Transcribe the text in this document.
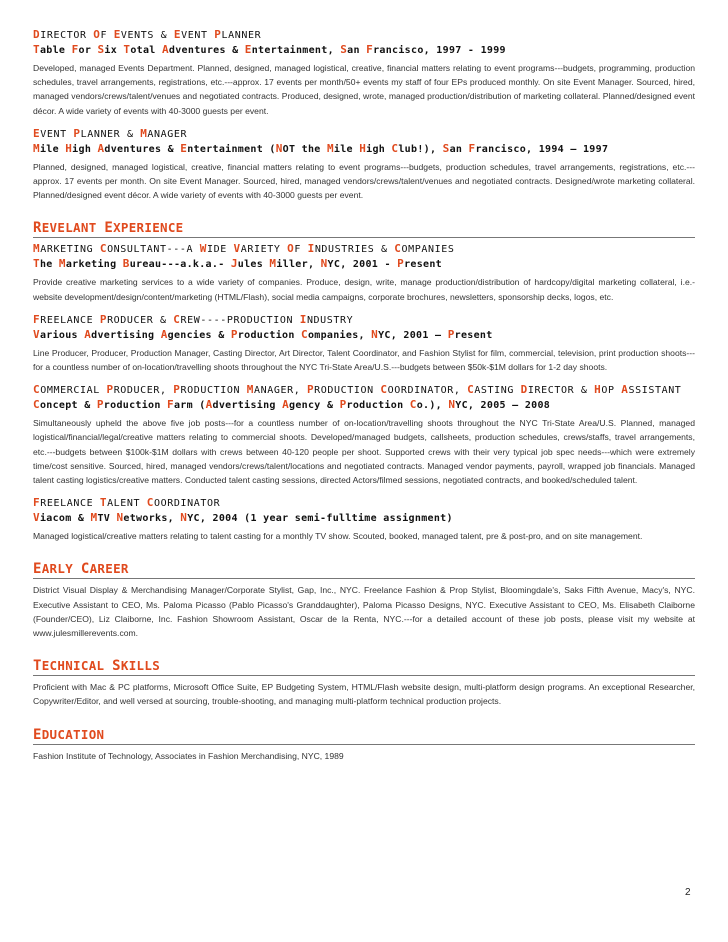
DIRECTOR OF EVENTS & EVENT PLANNER
Table For Six Total Adventures & Entertainment, San Francisco, 1997 - 1999

Developed, managed Events Department. Planned, designed, managed logistical, creative, financial matters relating to event programs---budgets, programming, production schedules, travel arrangements, registrations, etc.---approx. 17 events per month/50+ events my staff of four EPs produced monthly. On site Event Manager. Sourced, hired, managed vendors/crews/talent/venues and negotiated contracts. Produced, designed, wrote, managed production/distribution of marketing collateral. Planned/designed event décor. A wide variety of events with 40-3000 guests per event.

EVENT PLANNER & MANAGER
Mile High Adventures & Entertainment (NOT the Mile High Club!), San Francisco, 1994 – 1997

Planned, designed, managed logistical, creative, financial matters relating to event programs---budgets, production schedules, travel arrangements, registrations, etc.---approx. 17 events per month. On site Event Manager. Sourced, hired, managed vendors/crews/talent/venues and negotiated contracts. Designed/wrote marketing collateral. Planned/designed event décor. A wide variety of events with 40-3000 guests per event.

REVELANT EXPERIENCE
MARKETING CONSULTANT---A WIDE VARIETY OF INDUSTRIES & COMPANIES
The Marketing Bureau---a.k.a.- Jules Miller, NYC, 2001 - Present

Provide creative marketing services to a wide variety of companies. Produce, design, write, manage production/distribution of hardcopy/digital marketing collateral, i.e.- website development/design/content/marketing (HTML/Flash), social media campaigns, corporate brochures, newsletters, sponsorship decks, logos, etc.

FREELANCE PRODUCER & CREW----PRODUCTION INDUSTRY
Various Advertising Agencies & Production Companies, NYC, 2001 – Present

Line Producer, Producer, Production Manager, Casting Director, Art Director, Talent Coordinator, and Fashion Stylist for film, commercial, television, print production shoots---for a countless number of on-location/travelling shoots throughout the NYC Tri-State Area/U.S.---budgets between $50k-$1M dollars for 1-2 day shoots.

COMMERCIAL PRODUCER, PRODUCTION MANAGER, PRODUCTION COORDINATOR, CASTING DIRECTOR & HOP ASSISTANT
Concept & Production Farm (Advertising Agency & Production Co.), NYC, 2005 – 2008

Simultaneously upheld the above five job posts---for a countless number of on-location/travelling shoots throughout the NYC Tri-State Area/U.S. Planned, managed logistical/financial/legal/creative matters relating to commercial shoots. Developed/managed budgets, callsheets, production schedules, crews/staffs, travel arrangements, etc.---budgets between $100k-$1M dollars with crews between 40-120 people per shoot. Supported crews with their very typical job spec needs---which were extremely time/cost sensitive. Sourced, hired, managed vendors/crews/talent/locations and negotiated contracts. Managed vendor payments, payroll, wrapped job financials. Managed talent casting logistics/creative matters. Conducted talent casting sessions, directed Actors/filmed sessions, negotiated contracts, and booked/scheduled talent.

FREELANCE TALENT COORDINATOR
Viacom & MTV Networks, NYC, 2004 (1 year semi-fulltime assignment)

Managed logistical/creative matters relating to talent casting for a monthly TV show. Scouted, booked, managed talent, pre & post-pro, and on site management.

EARLY CAREER

District Visual Display & Merchandising Manager/Corporate Stylist, Gap, Inc., NYC. Freelance Fashion & Prop Stylist, Bloomingdale's, Saks Fifth Avenue, Macy's, NYC. Executive Assistant to CEO, Ms. Paloma Picasso (Pablo Picasso's Granddaughter), Paloma Picasso Designs, NYC. Executive Assistant to CEO, Ms. Elisabeth Claiborne (Founder/CEO), Liz Claiborne, Inc. Fashion Showroom Assistant, Oscar de la Renta, NYC.---for a detailed account of these job posts, please visit my website at www.julesmillerevents.com.

TECHNICAL SKILLS

Proficient with Mac & PC platforms, Microsoft Office Suite, EP Budgeting System, HTML/Flash website design, multi-platform design programs. An exceptional Researcher, Copywriter/Editor, and well versed at sourcing, trouble-shooting, and managing multi-platform technical production projects.

EDUCATION

Fashion Institute of Technology, Associates in Fashion Merchandising, NYC, 1989

2
